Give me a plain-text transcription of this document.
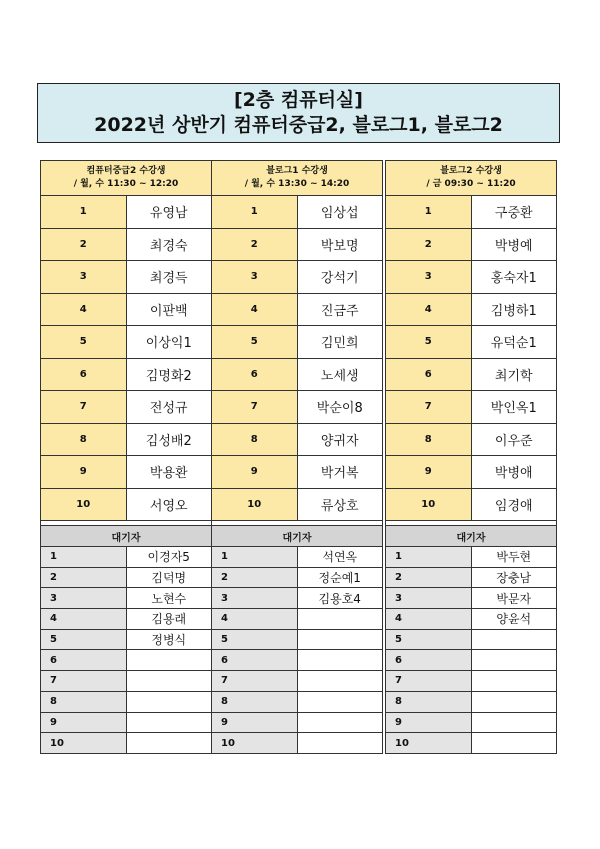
[2층 컴퓨터실]
2022년 상반기 컴퓨터중급2, 블로그1, 블로그2
컴퓨터중급2 수강생
/ 월, 수 11:30 ~ 12:20	

1	유영남
2	최경숙
3	최경득
4	이판백
5	이상익1
6	김명화2
7	전성규
8	김성배2
9	박용환
10	서영오

대기자	
1	이경자5
2	김덕명
3	노현수
4	김용래
5	정병식
6	
7	
8	
9	
10	
블로그1 수강생
/ 월, 수 13:30 ~ 14:20	

1	임상섭
2	박보명
3	강석기
4	진금주
5	김민희
6	노세생
7	박순이8
8	양귀자
9	박거복
10	류상호

대기자	
1	석연옥
2	정순예1
3	김용호4
4	
5	
6	
7	
8	
9	
10	
블로그2 수강생
/ 금 09:30 ~ 11:20	

1	구중환
2	박병예
3	홍숙자1
4	김병하1
5	유덕순1
6	최기학
7	박인옥1
8	이우준
9	박병애
10	임경애

대기자	
1	박두현
2	장충남
3	박문자
4	양윤석
5	
6	
7	
8	
9	
10	
